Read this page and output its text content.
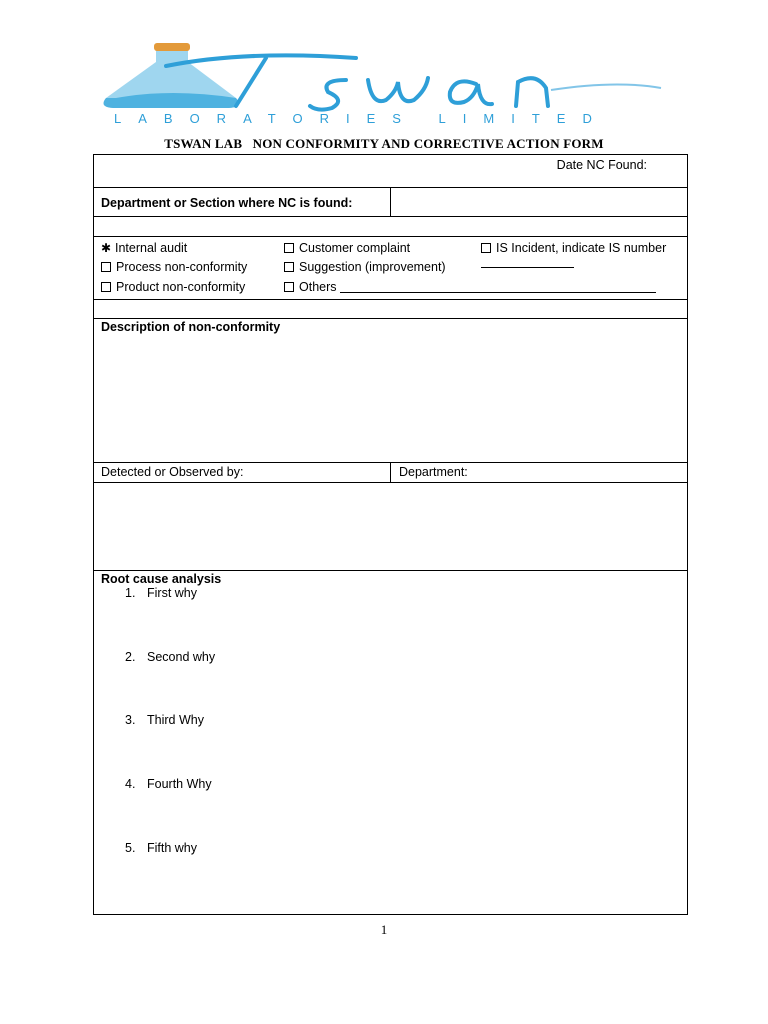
LABORATORIES LIMITED
TSWAN LAB   NON CONFORMITY AND CORRECTIVE ACTION FORM
Date NC Found:
Department or Section where NC is found:
✱ Internal audit
Process non-conformity
Product non-conformity
Customer complaint
Suggestion (improvement)
Others
IS Incident, indicate IS number
Description of non-conformity
Detected or Observed by:	Department:
Root cause analysis
1. First why
2. Second why
3. Third Why
4. Fourth Why
5. Fifth why
1
